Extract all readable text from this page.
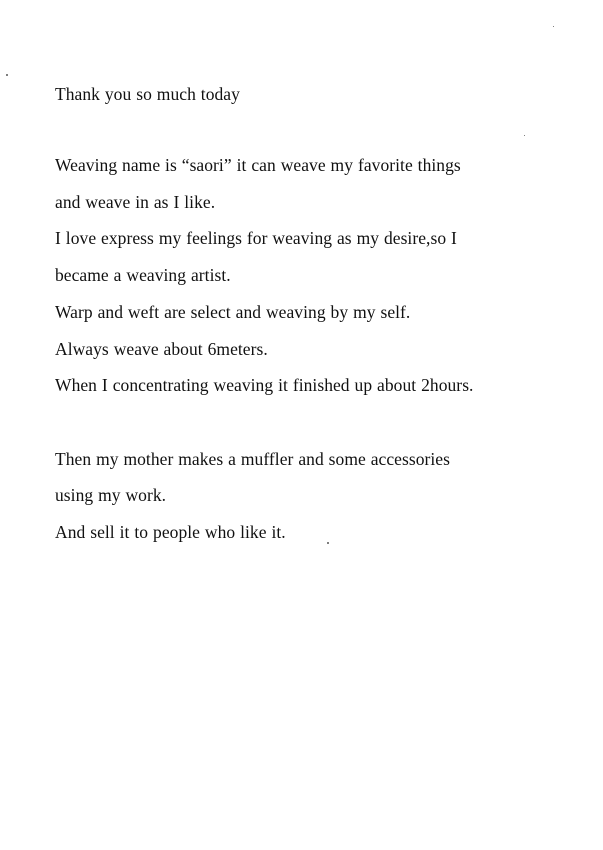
Thank you so much today
Weaving name is “saori” it can weave my favorite things
and weave in as I like.
I love express my feelings for weaving as my desire,so I
became a weaving artist.
Warp and weft are select and weaving by my self.
Always weave about 6meters.
When I concentrating weaving it finished up about 2hours.
Then my mother makes a muffler and some accessories
using my work.
And sell it to people who like it.
